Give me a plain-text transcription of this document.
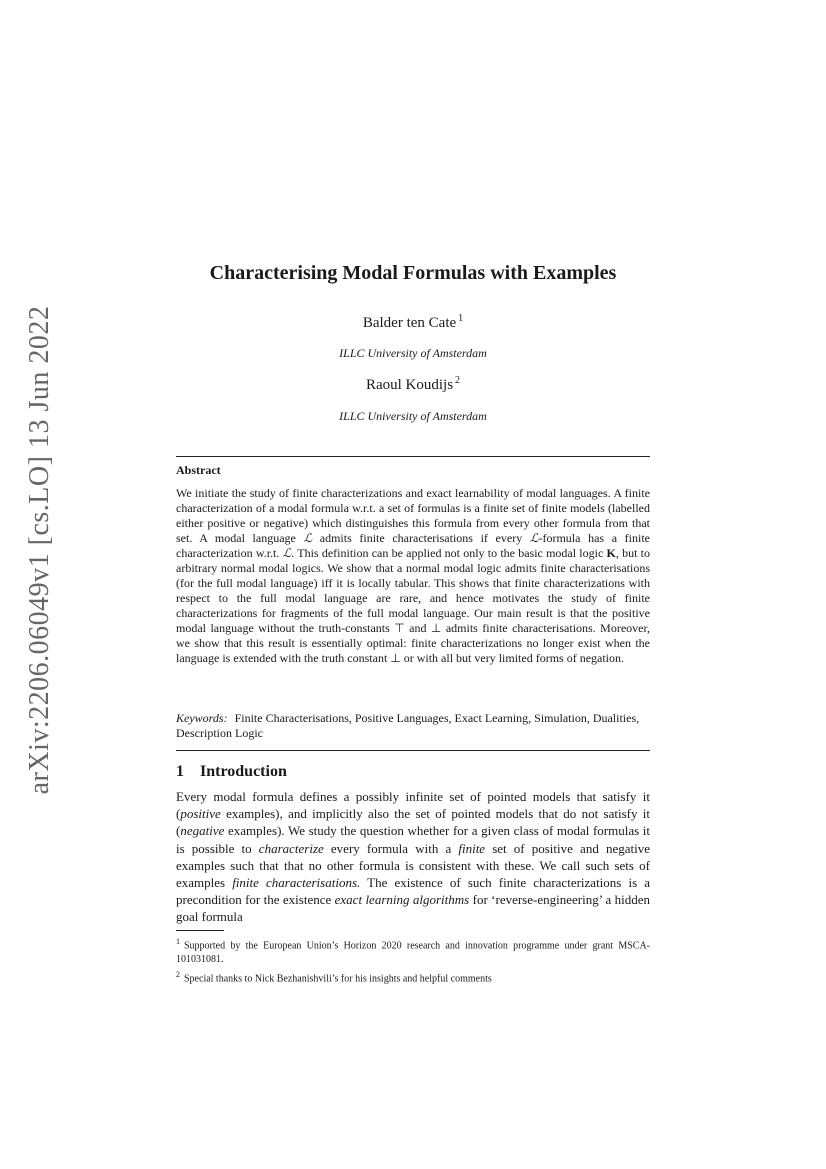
arXiv:2206.06049v1 [cs.LO] 13 Jun 2022
Characterising Modal Formulas with Examples
Balder ten Cate $^1$
ILLC University of Amsterdam
Raoul Koudijs $^2$
ILLC University of Amsterdam
Abstract
We initiate the study of finite characterizations and exact learnability of modal languages. A finite characterization of a modal formula w.r.t. a set of formulas is a finite set of finite models (labelled either positive or negative) which distinguishes this formula from every other formula from that set. A modal language ℒ admits finite characterisations if every ℒ-formula has a finite characterization w.r.t. ℒ. This definition can be applied not only to the basic modal logic K, but to arbitrary normal modal logics. We show that a normal modal logic admits finite characterisations (for the full modal language) iff it is locally tabular. This shows that finite characterizations with respect to the full modal language are rare, and hence motivates the study of finite characterizations for fragments of the full modal language. Our main result is that the positive modal language without the truth-constants ⊤ and ⊥ admits finite characterisations. Moreover, we show that this result is essentially optimal: finite characterizations no longer exist when the language is extended with the truth constant ⊥ or with all but very limited forms of negation.
Keywords: Finite Characterisations, Positive Languages, Exact Learning, Simulation, Dualities, Description Logic
1 Introduction
Every modal formula defines a possibly infinite set of pointed models that satisfy it (positive examples), and implicitly also the set of pointed models that do not satisfy it (negative examples). We study the question whether for a given class of modal formulas it is possible to characterize every formula with a finite set of positive and negative examples such that that no other formula is consistent with these. We call such sets of examples finite characterisations. The existence of such finite characterizations is a precondition for the existence exact learning algorithms for ‘reverse-engineering’ a hidden goal formula

$^1$ Supported by the European Union’s Horizon 2020 research and innovation programme under grant MSCA-101031081.

$^2$ Special thanks to Nick Bezhanishvili’s for his insights and helpful comments
